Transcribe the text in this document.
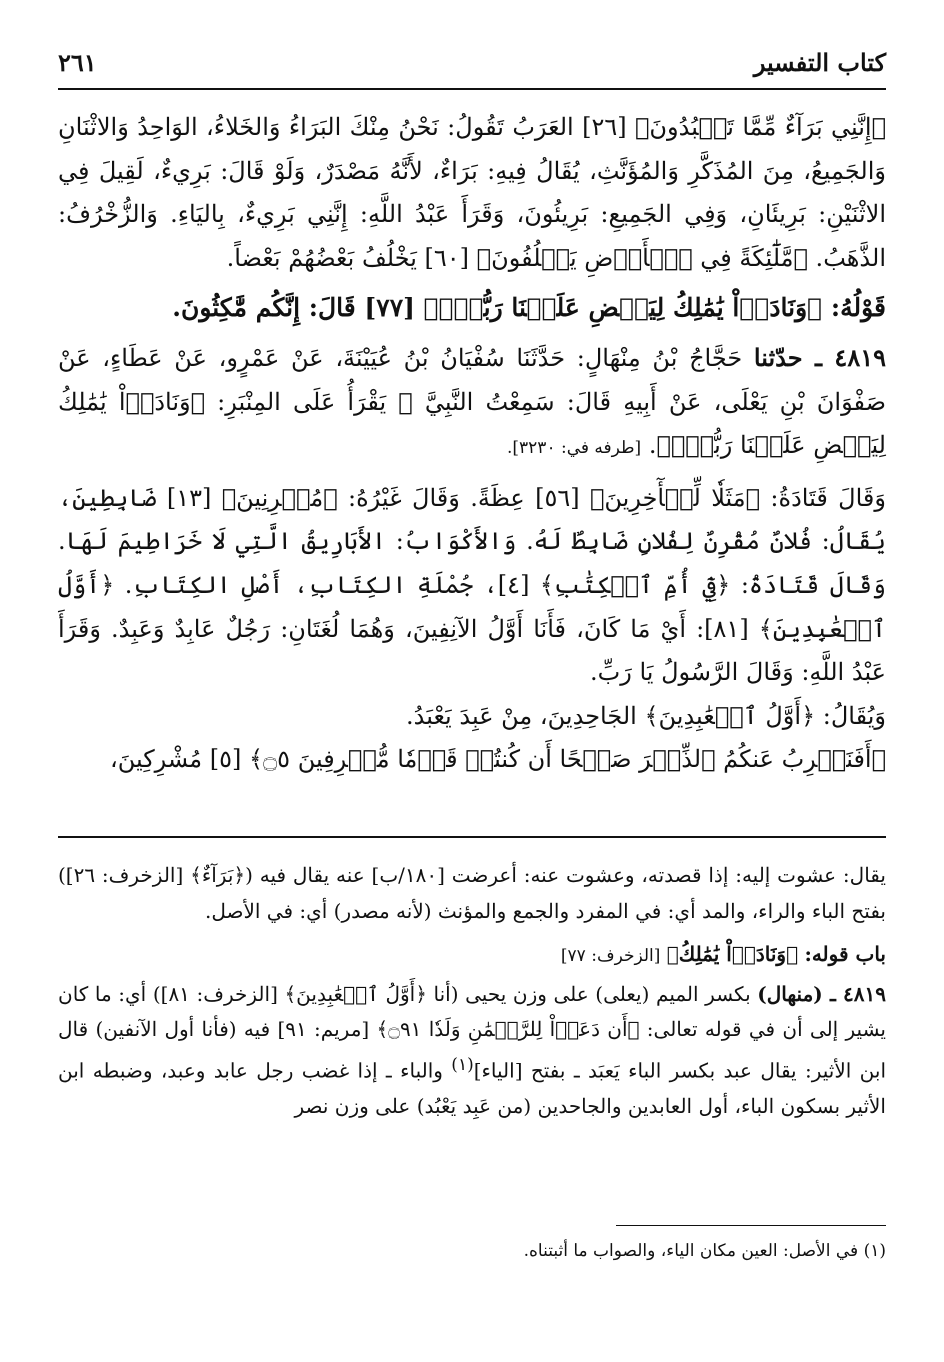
كتاب التفسير
٢٦١

﴿إِنَّنِي بَرَآءٌ مِّمَّا تَعۡبُدُونَ﴾ [٢٦] العَرَبُ تَقُولُ: نَحْنُ مِنْكَ البَرَاءُ وَالخَلاءُ، الوَاحِدُ وَالاثْنَانِ وَالجَمِيعُ، مِنَ المُذَكَّرِ وَالمُؤَنَّثِ، يُقَالُ فِيهِ: بَرَاءٌ، لأَنَّهُ مَصْدَرٌ، وَلَوْ قَالَ: بَرِيءٌ، لَقِيلَ فِي الاثْنَيْنِ: بَرِيئَانِ، وَفِي الجَمِيعِ: بَرِيئُونَ، وَقَرَأَ عَبْدُ اللَّهِ: إِنَّنِي بَرِيءٌ، بِاليَاءِ. وَالزُّخْرُفُ: الذَّهَبُ. ﴿مَّلَٰٓئِكَةً فِي ٱلۡأَرۡضِ يَخۡلُفُونَ﴾ [٦٠] يَخْلُفُ بَعْضُهُمْ بَعْضاً.

قَوْلُهُ: ﴿وَنَادَوۡاْ يَٰمَٰلِكُ لِيَقۡضِ عَلَيۡنَا رَبُّكَۖ﴾ [٧٧] قَالَ: إِنَّكُم مَّٰكِثُونَ.

٤٨١٩ ـ حدّثنا حَجَّاجُ بْنُ مِنْهَالٍ: حَدَّثَنَا سُفْيَانُ بْنُ عُيَيْنَةَ، عَنْ عَمْرٍو، عَنْ عَطَاءٍ، عَنْ صَفْوَانَ بْنِ يَعْلَى، عَنْ أَبِيهِ قَالَ: سَمِعْتُ النَّبِيَّ ﷺ يَقْرَأُ عَلَى المِنْبَرِ: ﴿وَنَادَوۡاْ يَٰمَٰلِكُ لِيَقۡضِ عَلَيۡنَا رَبُّكَۖ﴾. [طرفه في: ٣٢٣٠].

وَقَالَ قَتَادَةُ: ﴿مَثَلٗا لِّلۡأٓخِرِينَ﴾ [٥٦] عِظَةً. وَقَالَ غَيْرُهُ: ﴿مُقۡرِنِينَ﴾ [١٣] ضَابِطِينَ، يُقَالُ: فُلانٌ مُقْرِنٌ لِفُلانٍ ضَابِطٌ لَهُ. وَالأَكْوَابُ: الأَبَارِيقُ الَّتِي لَا خَرَاطِيمَ لَهَا. وَقَالَ قَتَادَةُ: ﴿فِيٓ أُمِّ ٱلۡكِتَٰبِ﴾ [٤]، جُمْلَةِ الكِتَابِ، أَصْلِ الكِتَابِ. ﴿أَوَّلُ ٱلۡعَٰبِدِينَ﴾ [٨١]: أَيْ مَا كَانَ، فَأَنَا أَوَّلُ الآنِفِينَ، وَهُمَا لُغَتَانِ: رَجُلٌ عَابِدٌ وَعَبِدٌ. وَقَرَأَ عَبْدُ اللَّهِ: وَقَالَ الرَّسُولُ يَا رَبِّ.

وَيُقَالُ: ﴿أَوَّلُ ٱلۡعَٰبِدِينَ﴾ الجَاحِدِينَ، مِنْ عَبِدَ يَعْبَدُ.

﴿أَفَنَضۡرِبُ عَنكُمُ ٱلذِّكۡرَ صَفۡحًا أَن كُنتُمۡ قَوۡمٗا مُّسۡرِفِينَ ۝٥﴾ [٥] مُشْرِكِينَ،

يقال: عشوت إليه: إذا قصدته، وعشوت عنه: أعرضت [١٨٠/ب] عنه يقال فيه (﴿بَرَآءٌ﴾ [الزخرف: ٢٦]) بفتح الباء والراء، والمد أي: في المفرد والجمع والمؤنث (لأنه مصدر) أي: في الأصل.

باب قوله: ﴿وَنَادَوۡاْ يَٰمَٰلِكُ﴾ [الزخرف: ٧٧]

٤٨١٩ ـ (منهال) بكسر الميم (يعلى) على وزن يحيى (أنا ﴿أَوَّلُ ٱلۡعَٰبِدِينَ﴾ [الزخرف: ٨١]) أي: ما كان يشير إلى أن في قوله تعالى: ﴿أَن دَعَوۡاْ لِلرَّحۡمَٰنِ وَلَدٗا ۝٩١﴾ [مريم: ٩١] فيه (فأنا أول الآنفين) قال ابن الأثير: يقال عبد بكسر الباء يَعبَد ـ بفتح [الياء]$^{(١)}$ والباء ـ إذا غضب رجل عابد وعبد، وضبطه ابن الأثير بسكون الباء، أول العابدين والجاحدين (من عَبِد يَعْبُد) على وزن نصر

(١) في الأصل: العين مكان الياء، والصواب ما أثبتناه.
